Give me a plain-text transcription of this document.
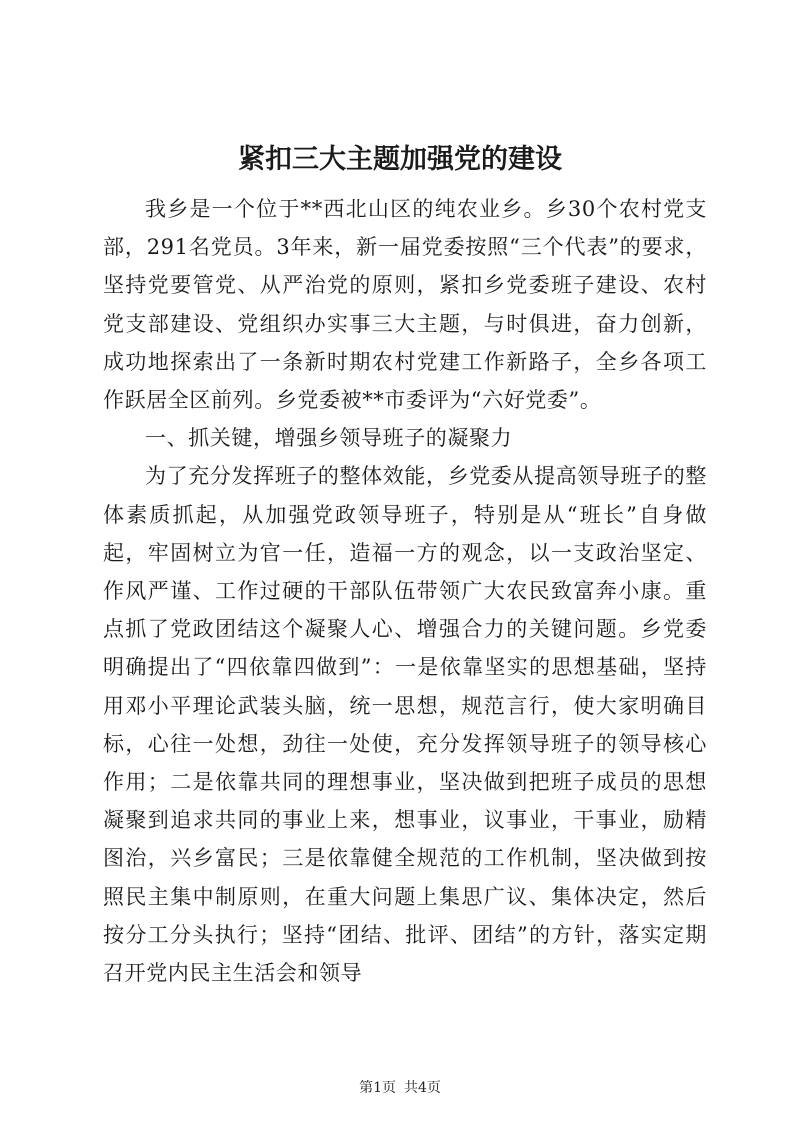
紧扣三大主题加强党的建设

我乡是一个位于**西北山区的纯农业乡。乡30个农村党支部，291名党员。3年来，新一届党委按照“三个代表”的要求，坚持党要管党、从严治党的原则，紧扣乡党委班子建设、农村党支部建设、党组织办实事三大主题，与时俱进，奋力创新，成功地探索出了一条新时期农村党建工作新路子，全乡各项工作跃居全区前列。乡党委被**市委评为“六好党委”。

一、抓关键，增强乡领导班子的凝聚力

为了充分发挥班子的整体效能，乡党委从提高领导班子的整体素质抓起，从加强党政领导班子，特别是从“班长”自身做起，牢固树立为官一任，造福一方的观念，以一支政治坚定、作风严谨、工作过硬的干部队伍带领广大农民致富奔小康。重点抓了党政团结这个凝聚人心、增强合力的关键问题。乡党委明确提出了“四依靠四做到”：一是依靠坚实的思想基础，坚持用邓小平理论武装头脑，统一思想，规范言行，使大家明确目标，心往一处想，劲往一处使，充分发挥领导班子的领导核心作用；二是依靠共同的理想事业，坚决做到把班子成员的思想凝聚到追求共同的事业上来，想事业，议事业，干事业，励精图治，兴乡富民；三是依靠健全规范的工作机制，坚决做到按照民主集中制原则，在重大问题上集思广议、集体决定，然后按分工分头执行；坚持“团结、批评、团结”的方针，落实定期召开党内民主生活会和领导

第1页 共4页
